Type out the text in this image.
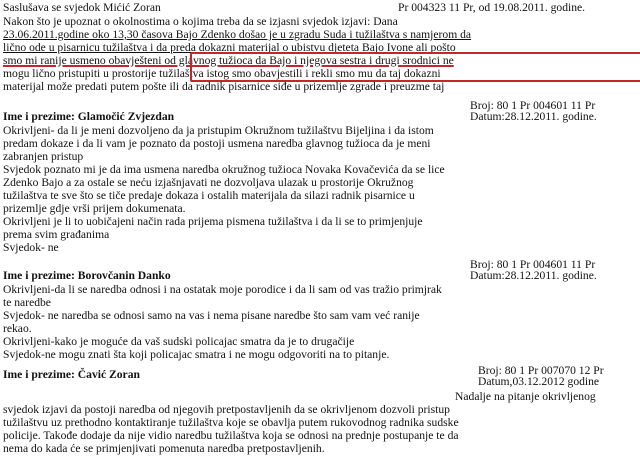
Saslušava se svjedok Mićić Zoran	Pr 004323 11 Pr, od 19.08.2011. godine.
Nakon što je upoznat o okolnostima o kojima treba da se izjasni svjedok izjavi: Dana
23.06.2011.godine oko 13,30 časova Bajo Zdenko došao je u zgradu Suda i tužilaštva s namjerom da
lično ode u pisarnicu tužilaštva i da preda dokazni materijal o ubistvu djeteta Bajo Ivone ali pošto
smo mi ranije usmeno obavješteni od glavnog tužioca da Bajo i njegova sestra i drugi srodnici ne
mogu lično pristupiti u prostorije tužilaštva istog smo obavjestili i rekli smo mu da taj dokazni
materijal može predati putem pošte ili da radnik pisarnice siđe u prizemlje zgrade i preuzme taj
Broj: 80 1 Pr 004601 11 Pr
Ime i prezime: Glamočić Zvjezdan	Datum:28.12.2011. godine.
Okrivljeni- da li je meni dozvoljeno da ja pristupim Okružnom tužilaštvu Bijeljina i da istom
predam dokaze i da li vam je poznato da postoji usmena naredba glavnog tužioca da je meni
zabranjen pristup
Svjedok poznato mi je da ima usmena naredba okružnog tužioca Novaka Kovačevića da se lice
Zdenko Bajo a za ostale se neću izjašnjavati ne dozvoljava ulazak u prostorije Okružnog
tužilaštva te sve što se tiče predaje dokaza i ostalih materijala da silazi radnik pisarnice u
prizemlje gdje vrši prijem dokumenata.
Okrivljeni je li to uobičajeni način rada prijema pismena tužilaštva i da li se to primjenjuje
prema svim građanima
Svjedok- ne
Broj: 80 1 Pr 004601 11 Pr
Ime i prezime: Borovčanin Danko	Datum:28.12.2011. godine.
Okrivljeni-da li se naredba odnosi i na ostatak moje porodice i da li sam od vas tražio primjrak
te naredbe
Svjedok- ne naredba se odnosi samo na vas i nema pisane naredbe što sam vam već ranije
rekao.
Okrivljeni-kako je moguće da vaš sudski policajac smatra da je to drugačije
Svjedok-ne mogu znati šta koji policajac smatra i ne mogu odgovoriti na to pitanje.
Broj: 80 1 Pr 007070 12 Pr
Ime i prezime: Čavić Zoran
Datum,03.12.2012 godine
Nadalje na pitanje okrivljenog
svjedok izjavi da postoji naredba od njegovih pretpostavljenih da se okrivljenom dozvoli pristup
tužilaštvu uz prethodno kontaktiranje tužilaštva koje se obavlja putem rukovodnog radnika sudske
policije. Takođe dodaje da nije vidio naredbu tužilaštva koja se odnosi na prednje postupanje te da
nema do kada će se primjenjivati pomenuta naredba pretpostavljenih.
